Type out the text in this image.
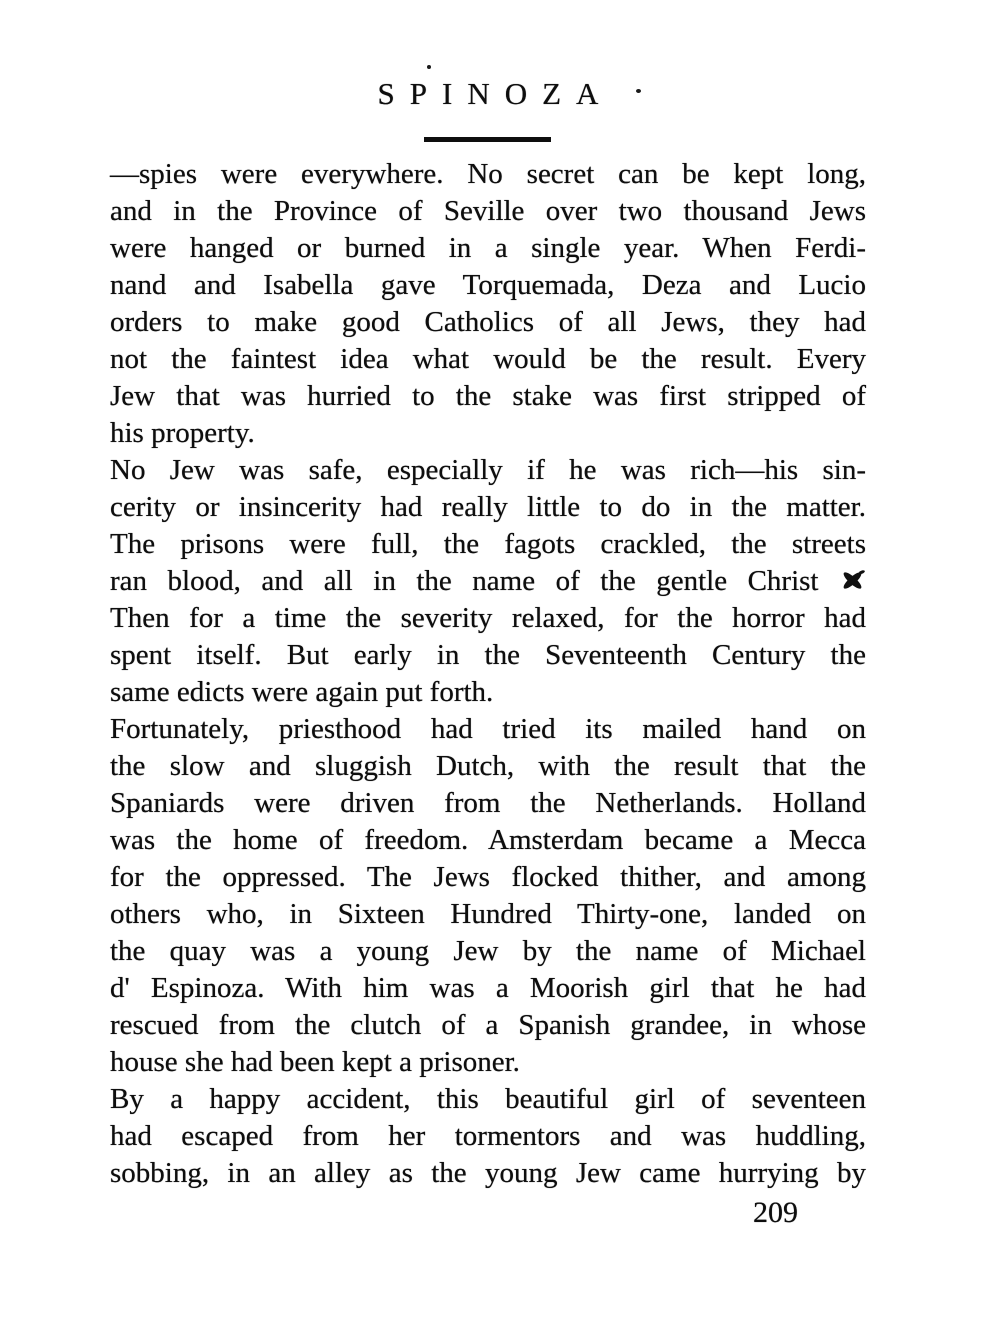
SPINOZA
—spies were everywhere. No secret can be kept long,
and in the Province of Seville over two thousand Jews
were hanged or burned in a single year. When Ferdi-
nand and Isabella gave Torquemada, Deza and Lucio
orders to make good Catholics of all Jews, they had
not the faintest idea what would be the result. Every
Jew that was hurried to the stake was first stripped of
his property.
No Jew was safe, especially if he was rich—his sin-
cerity or insincerity had really little to do in the matter.
The prisons were full, the fagots crackled, the streets
ran blood, and all in the name of the gentle Christ
Then for a time the severity relaxed, for the horror had
spent itself. But early in the Seventeenth Century the
same edicts were again put forth.
Fortunately, priesthood had tried its mailed hand on
the slow and sluggish Dutch, with the result that the
Spaniards were driven from the Netherlands. Holland
was the home of freedom. Amsterdam became a Mecca
for the oppressed. The Jews flocked thither, and among
others who, in Sixteen Hundred Thirty-one, landed on
the quay was a young Jew by the name of Michael
d' Espinoza. With him was a Moorish girl that he had
rescued from the clutch of a Spanish grandee, in whose
house she had been kept a prisoner.
By a happy accident, this beautiful girl of seventeen
had escaped from her tormentors and was huddling,
sobbing, in an alley as the young Jew came hurrying by
209
